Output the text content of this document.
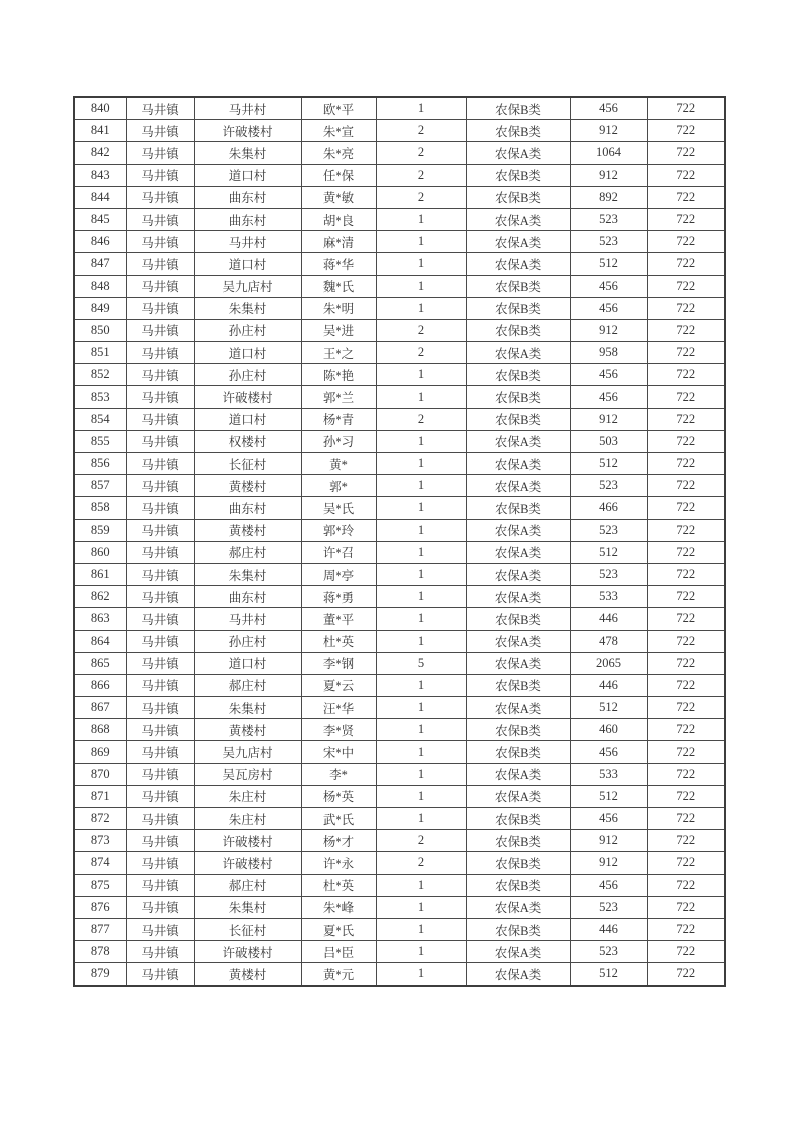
840	马井镇	马井村	欧*平	1	农保B类	456	722
841	马井镇	许破楼村	朱*宣	2	农保B类	912	722
842	马井镇	朱集村	朱*亮	2	农保A类	1064	722
843	马井镇	道口村	任*保	2	农保B类	912	722
844	马井镇	曲东村	黄*敏	2	农保B类	892	722
845	马井镇	曲东村	胡*良	1	农保A类	523	722
846	马井镇	马井村	麻*清	1	农保A类	523	722
847	马井镇	道口村	蒋*华	1	农保A类	512	722
848	马井镇	吴九店村	魏*氏	1	农保B类	456	722
849	马井镇	朱集村	朱*明	1	农保B类	456	722
850	马井镇	孙庄村	吴*进	2	农保B类	912	722
851	马井镇	道口村	王*之	2	农保A类	958	722
852	马井镇	孙庄村	陈*艳	1	农保B类	456	722
853	马井镇	许破楼村	郭*兰	1	农保B类	456	722
854	马井镇	道口村	杨*青	2	农保B类	912	722
855	马井镇	权楼村	孙*习	1	农保A类	503	722
856	马井镇	长征村	黄*	1	农保A类	512	722
857	马井镇	黄楼村	郭*	1	农保A类	523	722
858	马井镇	曲东村	吴*氏	1	农保B类	466	722
859	马井镇	黄楼村	郭*玲	1	农保A类	523	722
860	马井镇	郝庄村	许*召	1	农保A类	512	722
861	马井镇	朱集村	周*亭	1	农保A类	523	722
862	马井镇	曲东村	蒋*勇	1	农保A类	533	722
863	马井镇	马井村	董*平	1	农保B类	446	722
864	马井镇	孙庄村	杜*英	1	农保A类	478	722
865	马井镇	道口村	李*钢	5	农保A类	2065	722
866	马井镇	郝庄村	夏*云	1	农保B类	446	722
867	马井镇	朱集村	汪*华	1	农保A类	512	722
868	马井镇	黄楼村	李*贤	1	农保B类	460	722
869	马井镇	吴九店村	宋*中	1	农保B类	456	722
870	马井镇	吴瓦房村	李*	1	农保A类	533	722
871	马井镇	朱庄村	杨*英	1	农保A类	512	722
872	马井镇	朱庄村	武*氏	1	农保B类	456	722
873	马井镇	许破楼村	杨*才	2	农保B类	912	722
874	马井镇	许破楼村	许*永	2	农保B类	912	722
875	马井镇	郝庄村	杜*英	1	农保B类	456	722
876	马井镇	朱集村	朱*峰	1	农保A类	523	722
877	马井镇	长征村	夏*氏	1	农保B类	446	722
878	马井镇	许破楼村	吕*臣	1	农保A类	523	722
879	马井镇	黄楼村	黄*元	1	农保A类	512	722
